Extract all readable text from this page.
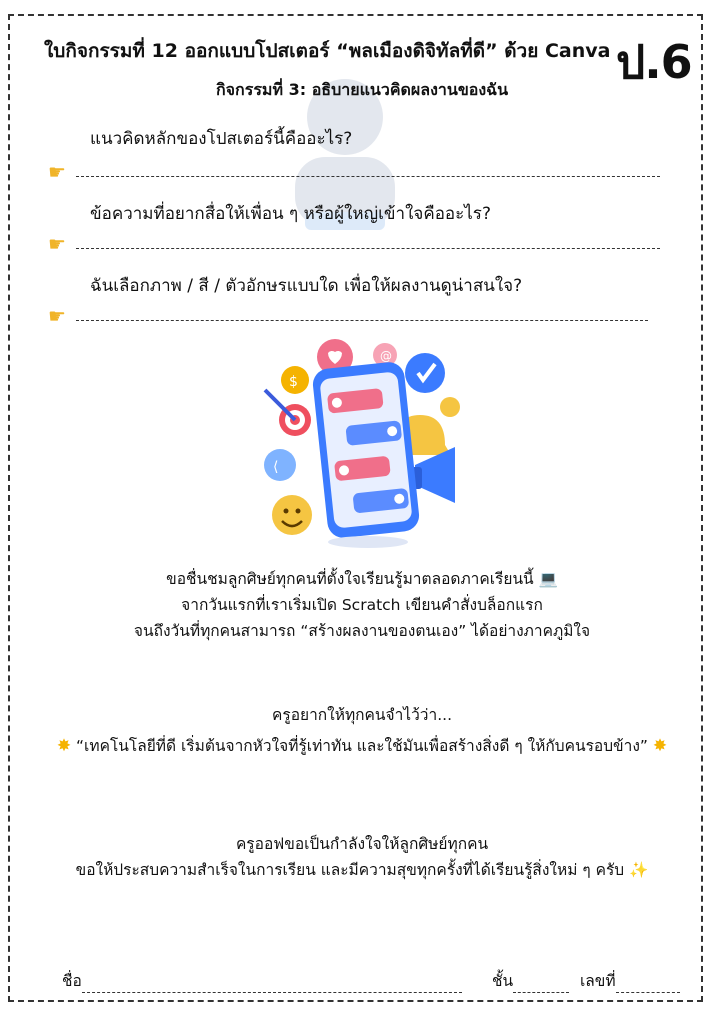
ใบกิจกรรมที่ 12 ออกแบบโปสเตอร์ “พลเมืองดิจิทัลที่ดี” ด้วย Canva ป.6
กิจกรรมที่ 3: อธิบายแนวคิดผลงานของฉัน
แนวคิดหลักของโปสเตอร์นี้คืออะไร?
☛
ข้อความที่อยากสื่อให้เพื่อน ๆ หรือผู้ใหญ่เข้าใจคืออะไร?
☛
ฉันเลือกภาพ / สี / ตัวอักษรแบบใด เพื่อให้ผลงานดูน่าสนใจ?
☛
@
$
⟨
ขอชื่นชมลูกศิษย์ทุกคนที่ตั้งใจเรียนรู้มาตลอดภาคเรียนนี้ 💻
จากวันแรกที่เราเริ่มเปิด Scratch เขียนคำสั่งบล็อกแรก
จนถึงวันที่ทุกคนสามารถ “สร้างผลงานของตนเอง” ได้อย่างภาคภูมิใจ
ครูอยากให้ทุกคนจำไว้ว่า...
✸ “เทคโนโลยีที่ดี เริ่มต้นจากหัวใจที่รู้เท่าทัน และใช้มันเพื่อสร้างสิ่งดี ๆ ให้กับคนรอบข้าง” ✸
ครูออฟขอเป็นกำลังใจให้ลูกศิษย์ทุกคน
ขอให้ประสบความสำเร็จในการเรียน และมีความสุขทุกครั้งที่ได้เรียนรู้สิ่งใหม่ ๆ ครับ ✨
ชื่อ	ชั้น	เลขที่
